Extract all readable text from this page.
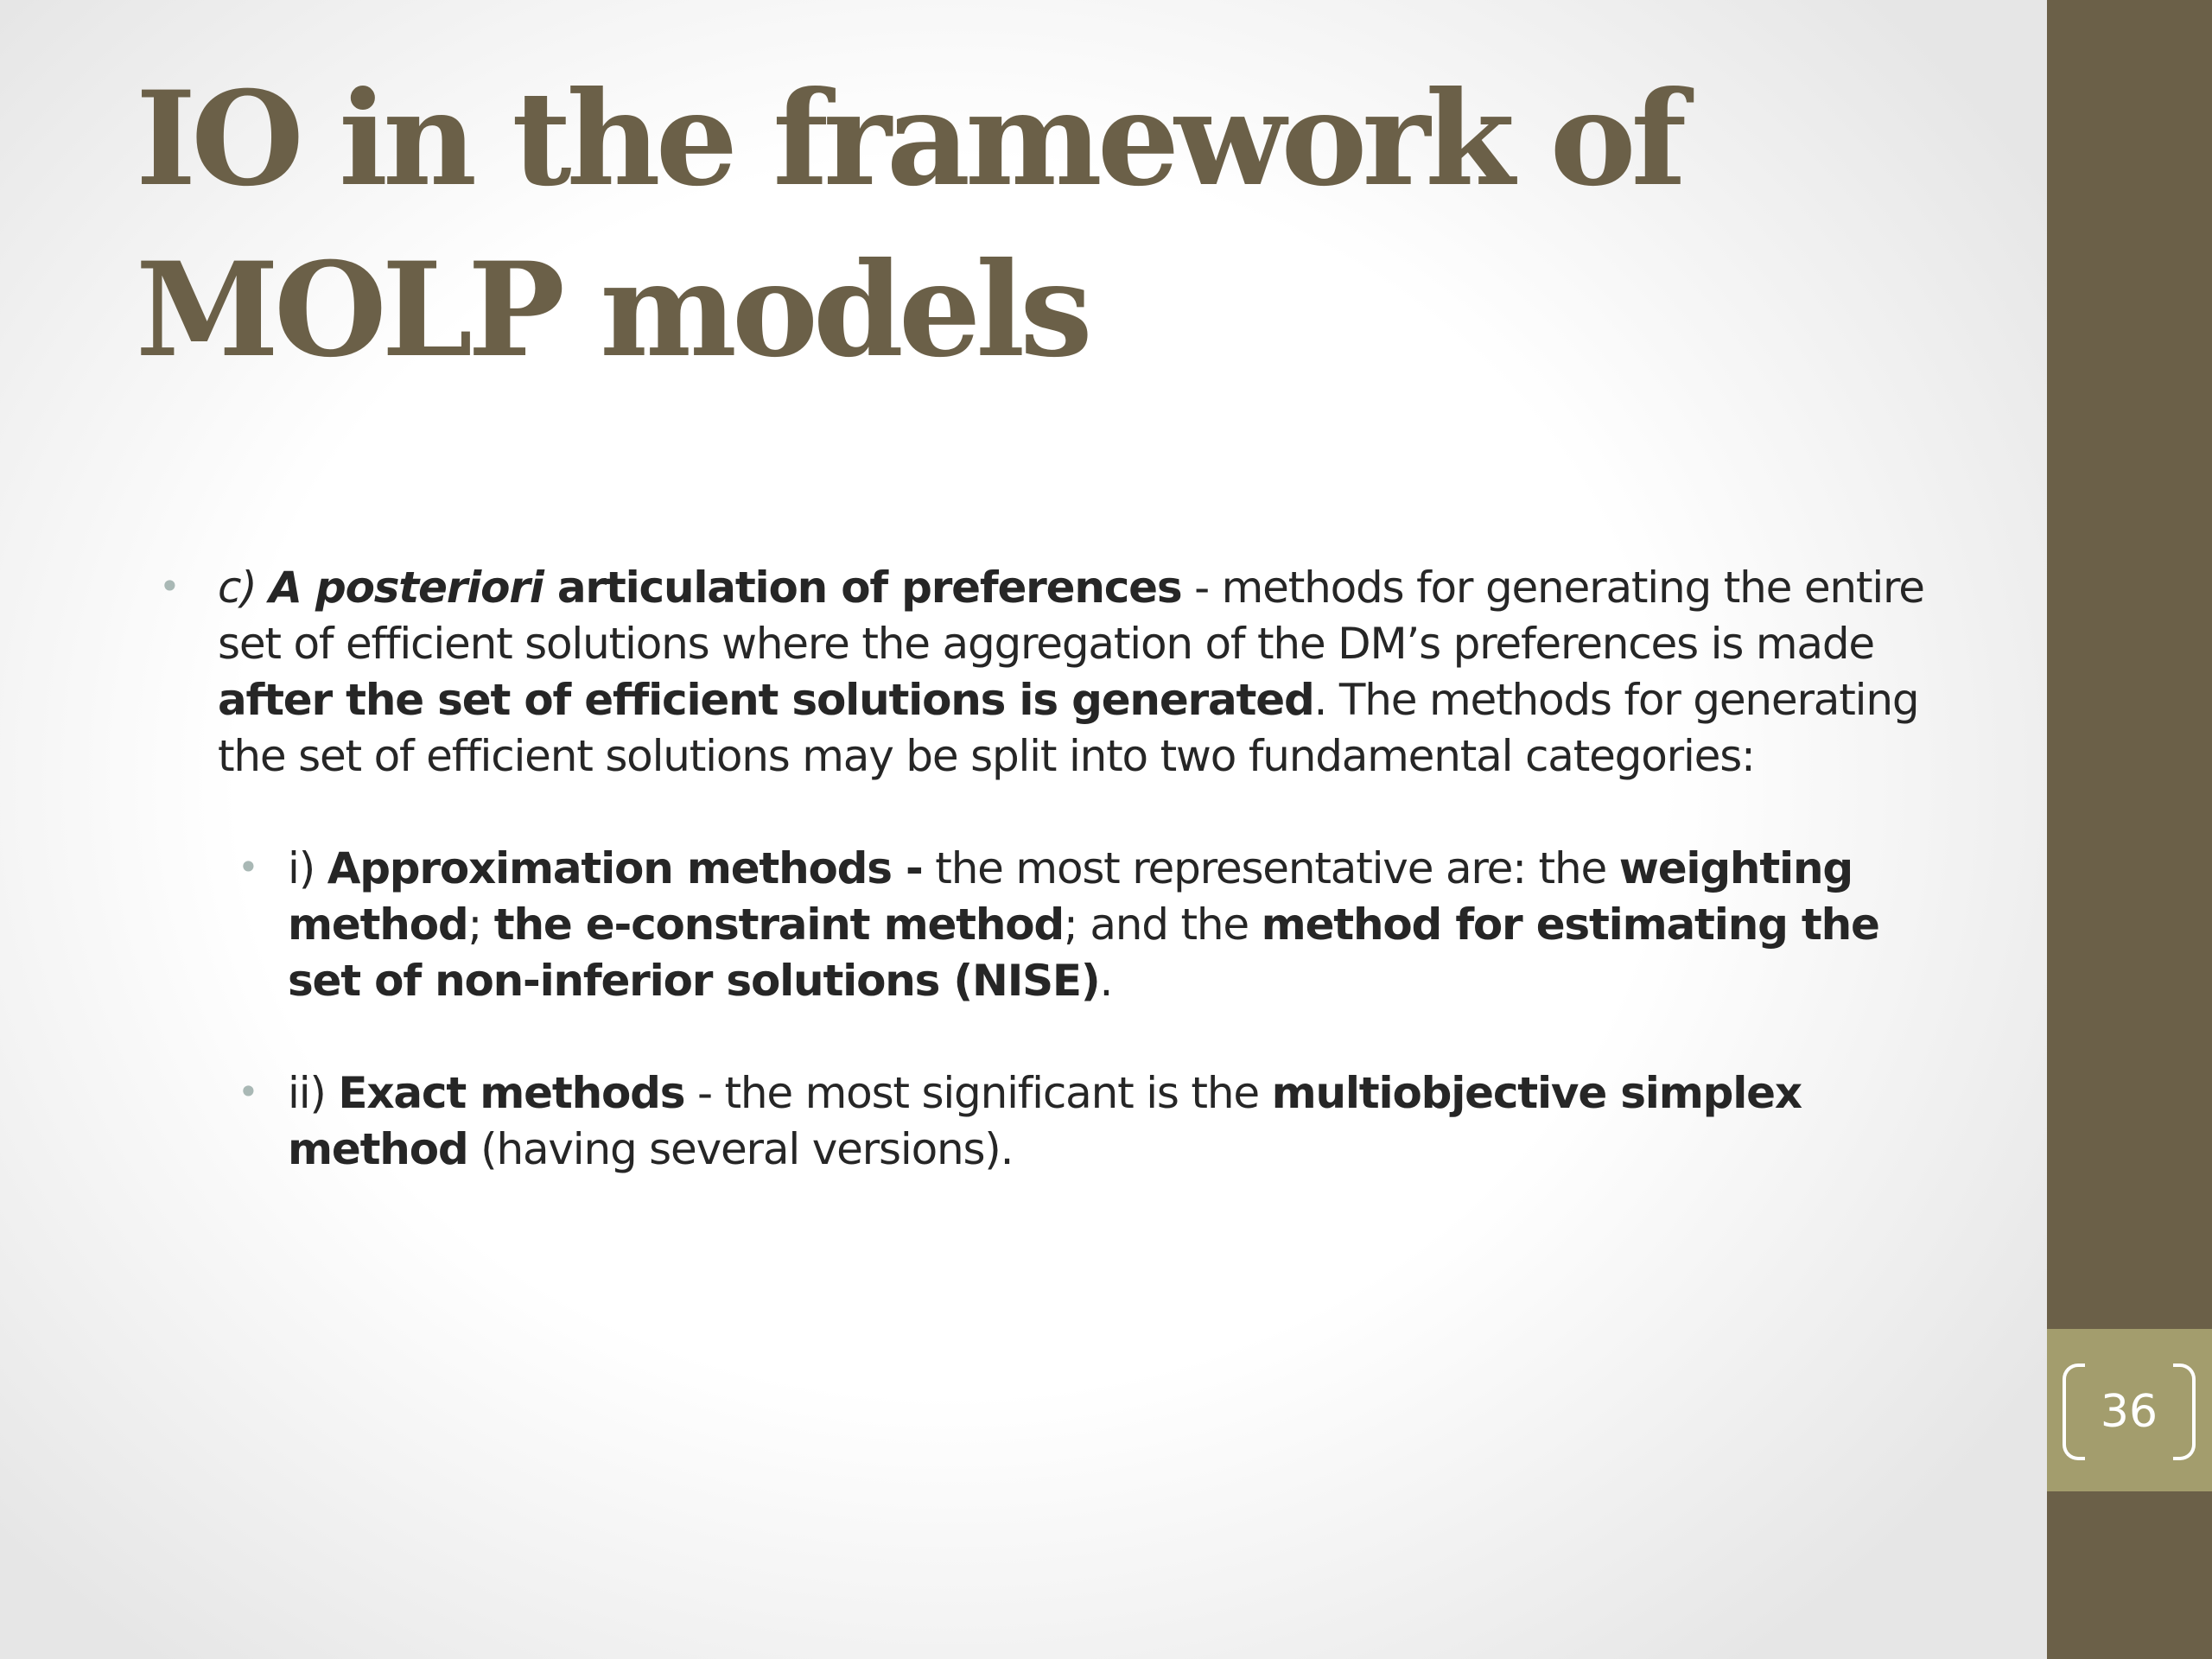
IO in the framework of MOLP models
• c) A posteriori articulation of preferences - methods for generating the entire set of efficient solutions where the aggregation of the DM’s preferences is made after the set of efficient solutions is generated. The methods for generating the set of efficient solutions may be split into two fundamental categories:
• i) Approximation methods - the most representative are: the weighting method; the e-constraint method; and the method for estimating the set of non-inferior solutions (NISE).
• ii) Exact methods - the most significant is the multiobjective simplex method (having several versions).
36
